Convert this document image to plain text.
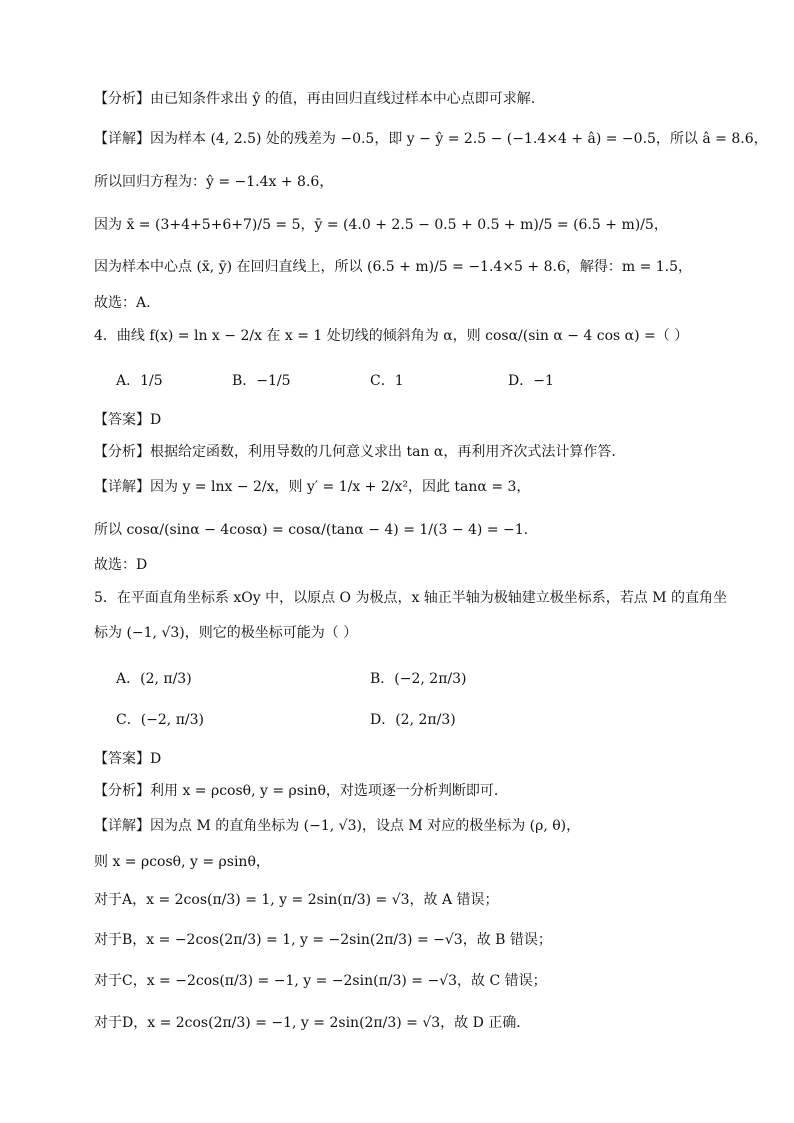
【分析】由已知条件求出 ŷ 的值，再由回归直线过样本中心点即可求解.
【详解】因为样本 (4, 2.5) 处的残差为 −0.5，即 y − ŷ = 2.5 − (−1.4×4 + â) = −0.5，所以 â = 8.6，
所以回归方程为：ŷ = −1.4x + 8.6，
因为 x̄ = (3+4+5+6+7)/5 = 5，ȳ = (4.0 + 2.5 − 0.5 + 0.5 + m)/5 = (6.5 + m)/5，
因为样本中心点 (x̄, ȳ) 在回归直线上，所以 (6.5 + m)/5 = −1.4×5 + 8.6，解得：m = 1.5，
故选：A.
4．曲线 f(x) = ln x − 2/x 在 x = 1 处切线的倾斜角为 α，则 cosα/(sin α − 4 cos α) =（ ）
A．1/5	B．−1/5	C．1	D．−1
【答案】D
【分析】根据给定函数，利用导数的几何意义求出 tan α，再利用齐次式法计算作答.
【详解】因为 y = lnx − 2/x，则 y′ = 1/x + 2/x²，因此 tanα = 3，
所以 cosα/(sinα − 4cosα) = cosα/(tanα − 4) = 1/(3 − 4) = −1.
故选：D
5．在平面直角坐标系 xOy 中，以原点 O 为极点，x 轴正半轴为极轴建立极坐标系，若点 M 的直角坐
标为 (−1, √3)，则它的极坐标可能为（ ）
A．(2, π/3)	B．(−2, 2π/3)
C．(−2, π/3)	D．(2, 2π/3)
【答案】D
【分析】利用 x = ρcosθ, y = ρsinθ，对选项逐一分析判断即可.
【详解】因为点 M 的直角坐标为 (−1, √3)，设点 M 对应的极坐标为 (ρ, θ)，
则 x = ρcosθ, y = ρsinθ，
对于A，x = 2cos(π/3) = 1, y = 2sin(π/3) = √3，故 A 错误；
对于B，x = −2cos(2π/3) = 1, y = −2sin(2π/3) = −√3，故 B 错误；
对于C，x = −2cos(π/3) = −1, y = −2sin(π/3) = −√3，故 C 错误；
对于D，x = 2cos(2π/3) = −1, y = 2sin(2π/3) = √3，故 D 正确.
